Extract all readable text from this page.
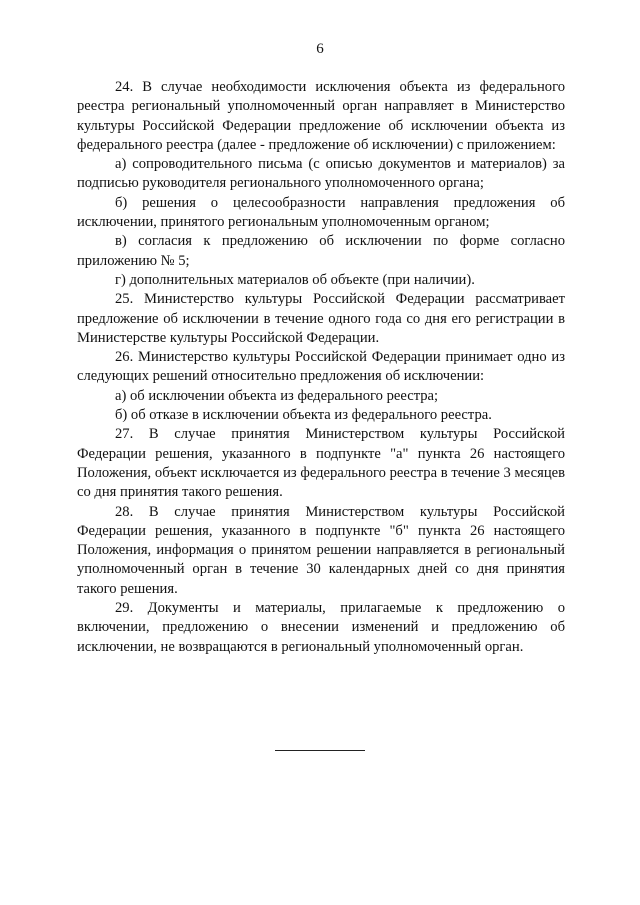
6

24. В случае необходимости исключения объекта из федерального реестра региональный уполномоченный орган направляет в Министерство культуры Российской Федерации предложение об исключении объекта из федерального реестра (далее - предложение об исключении) с приложением:

а) сопроводительного письма (с описью документов и материалов) за подписью руководителя регионального уполномоченного органа;

б) решения о целесообразности направления предложения об исключении, принятого региональным уполномоченным органом;

в) согласия к предложению об исключении по форме согласно приложению № 5;

г) дополнительных материалов об объекте (при наличии).

25. Министерство культуры Российской Федерации рассматривает предложение об исключении в течение одного года со дня его регистрации в Министерстве культуры Российской Федерации.

26. Министерство культуры Российской Федерации принимает одно из следующих решений относительно предложения об исключении:

а) об исключении объекта из федерального реестра;

б) об отказе в исключении объекта из федерального реестра.

27. В случае принятия Министерством культуры Российской Федерации решения, указанного в подпункте "а" пункта 26 настоящего Положения, объект исключается из федерального реестра в течение 3 месяцев со дня принятия такого решения.

28. В случае принятия Министерством культуры Российской Федерации решения, указанного в подпункте "б" пункта 26 настоящего Положения, информация о принятом решении направляется в региональный уполномоченный орган в течение 30 календарных дней со дня принятия такого решения.

29. Документы и материалы, прилагаемые к предложению о включении, предложению о внесении изменений и предложению об исключении, не возвращаются в региональный уполномоченный орган.
